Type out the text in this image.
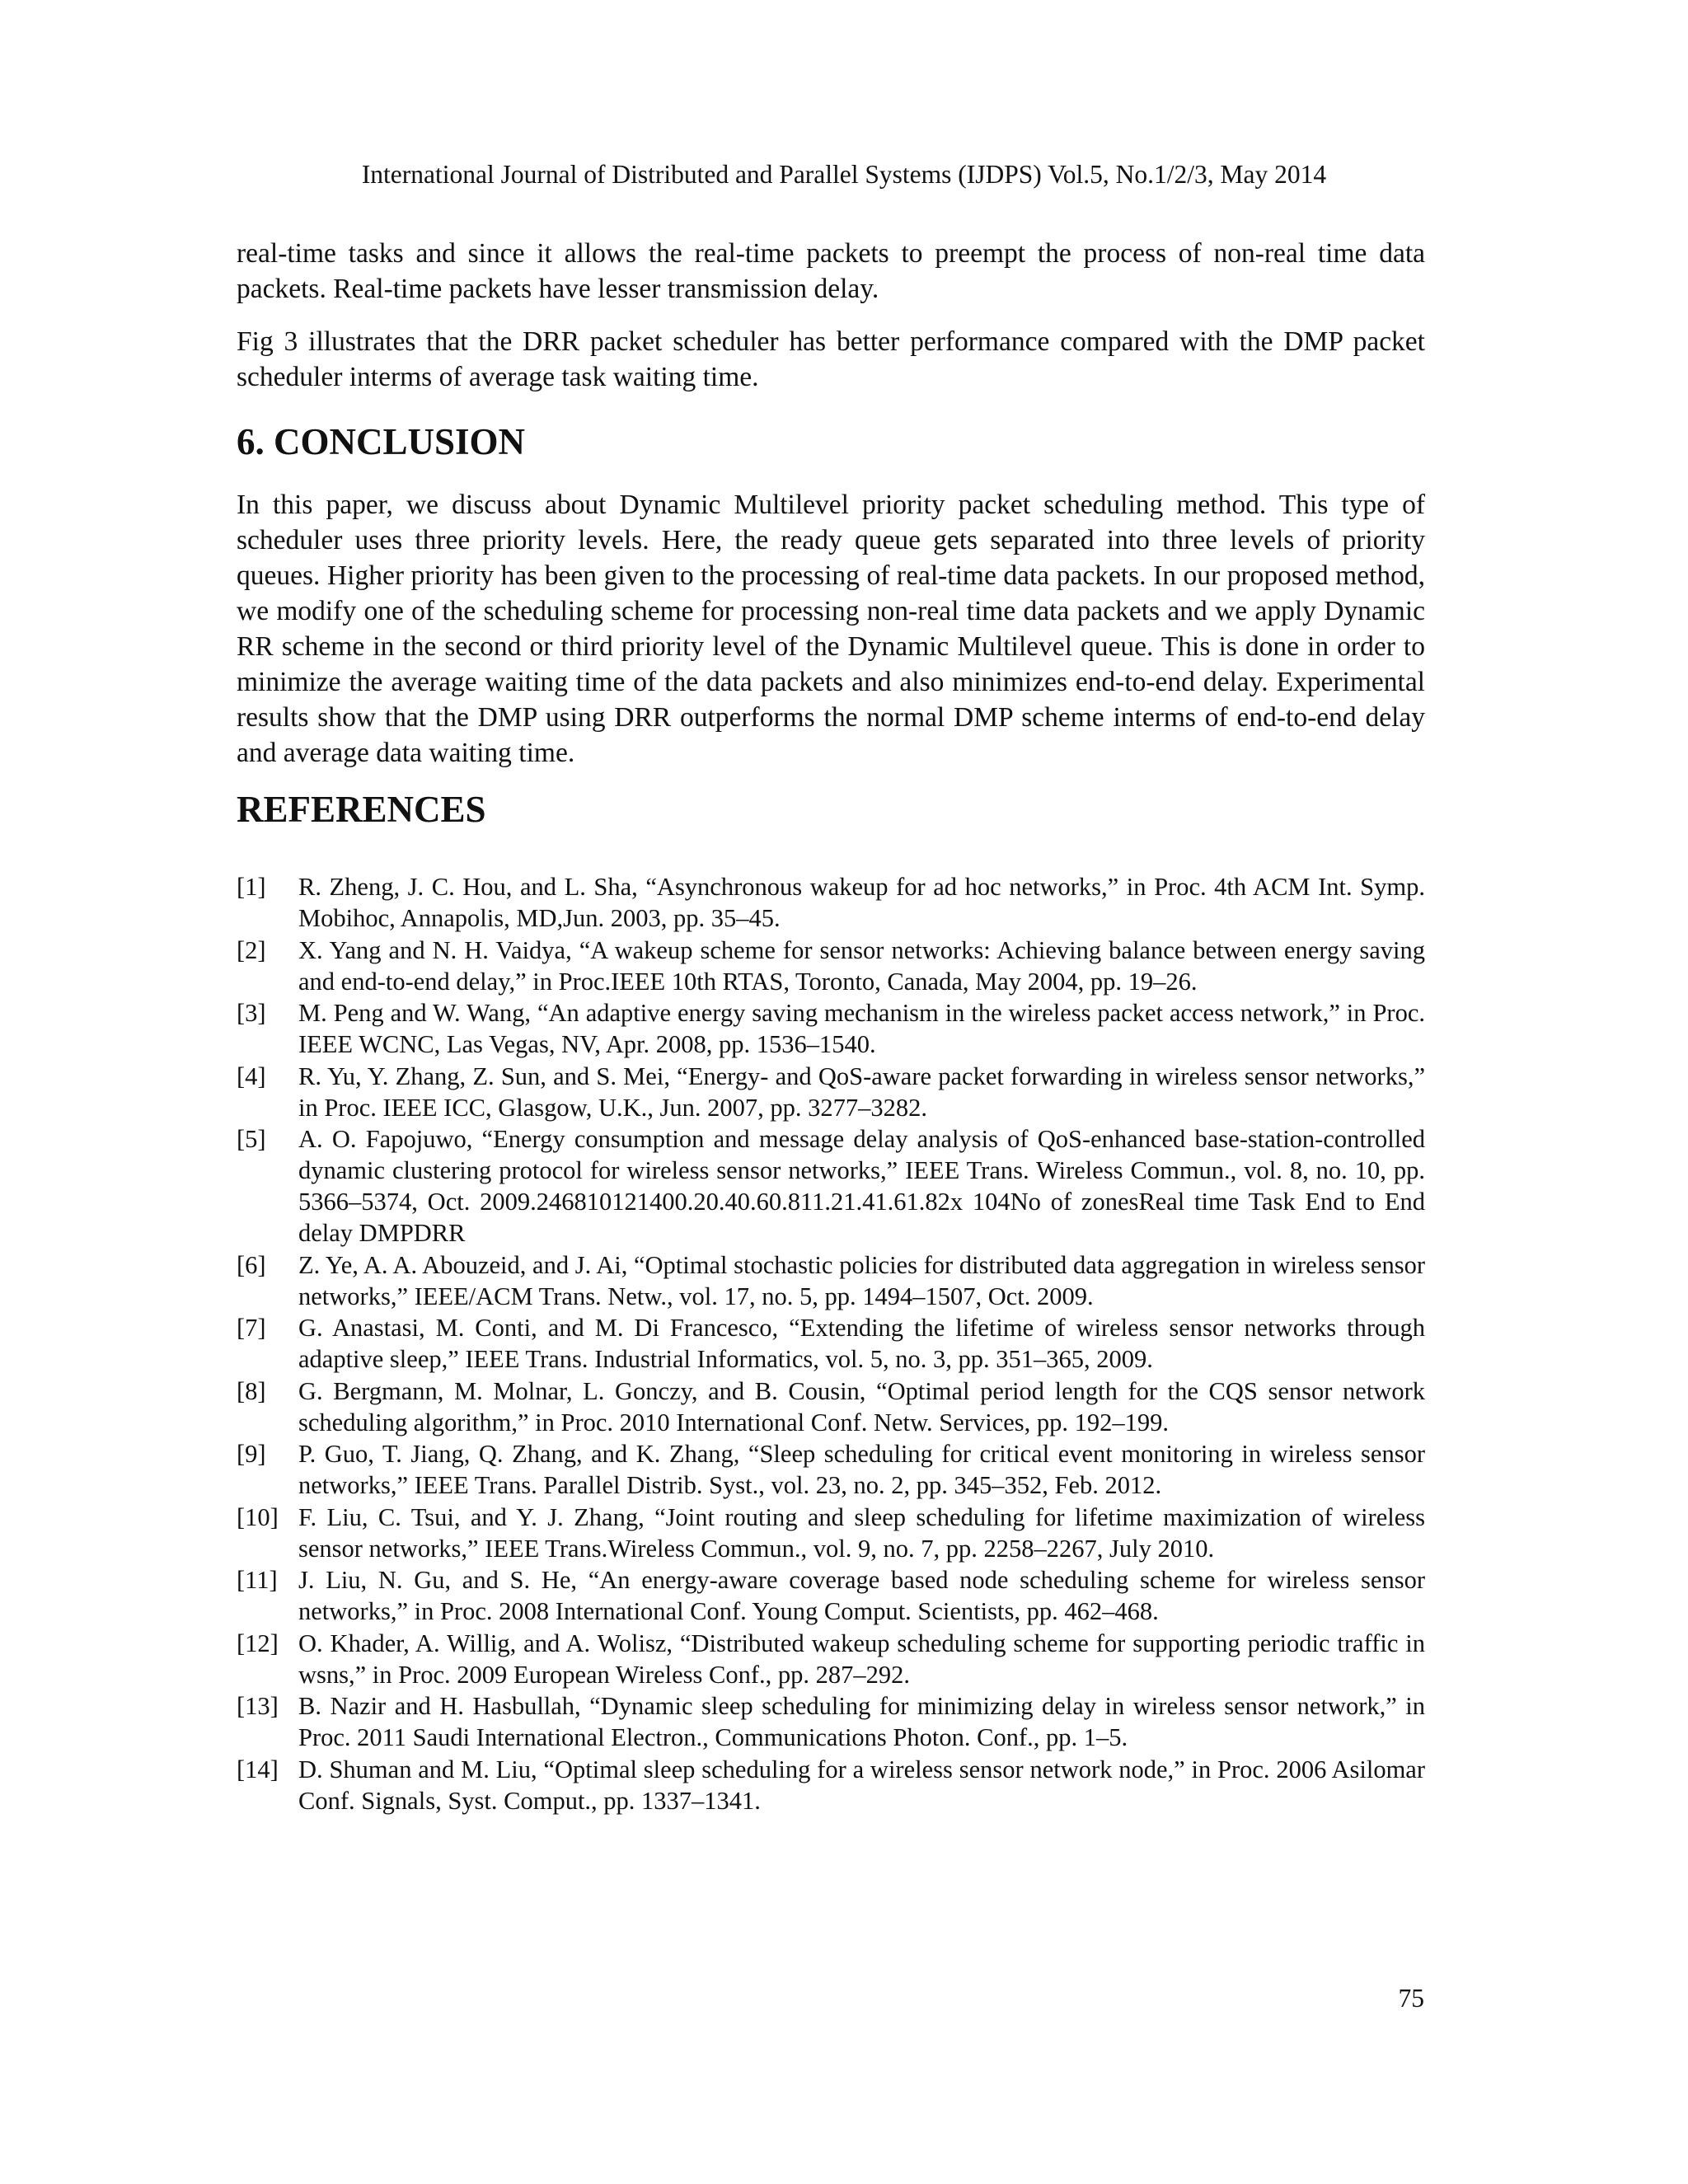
International Journal of Distributed and Parallel Systems (IJDPS) Vol.5, No.1/2/3, May 2014

real-time tasks and since it allows the real-time packets to preempt the process of non-real time data packets. Real-time packets have lesser transmission delay.

Fig 3 illustrates that the DRR packet scheduler has better performance compared with the DMP packet scheduler interms of average task waiting time.

6. CONCLUSION

In this paper, we discuss about Dynamic Multilevel priority packet scheduling method. This type of scheduler uses three priority levels. Here, the ready queue gets separated into three levels of priority queues. Higher priority has been given to the processing of real-time data packets. In our proposed method, we modify one of the scheduling scheme for processing non-real time data packets and we apply Dynamic RR scheme in the second or third priority level of the Dynamic Multilevel queue. This is done in order to minimize the average waiting time of the data packets and also minimizes end-to-end delay. Experimental results show that the DMP using DRR outperforms the normal DMP scheme interms of end-to-end delay and average data waiting time.

REFERENCES
[1] R. Zheng, J. C. Hou, and L. Sha, “Asynchronous wakeup for ad hoc networks,” in Proc. 4th ACM Int. Symp. Mobihoc, Annapolis, MD,Jun. 2003, pp. 35–45.
[2] X. Yang and N. H. Vaidya, “A wakeup scheme for sensor networks: Achieving balance between energy saving and end-to-end delay,” in Proc.IEEE 10th RTAS, Toronto, Canada, May 2004, pp. 19–26.
[3] M. Peng and W. Wang, “An adaptive energy saving mechanism in the wireless packet access network,” in Proc. IEEE WCNC, Las Vegas, NV, Apr. 2008, pp. 1536–1540.
[4] R. Yu, Y. Zhang, Z. Sun, and S. Mei, “Energy- and QoS-aware packet forwarding in wireless sensor networks,” in Proc. IEEE ICC, Glasgow, U.K., Jun. 2007, pp. 3277–3282.
[5] A. O. Fapojuwo, “Energy consumption and message delay analysis of QoS-enhanced base-station-controlled dynamic clustering protocol for wireless sensor networks,” IEEE Trans. Wireless Commun., vol. 8, no. 10, pp. 5366–5374, Oct. 2009.246810121400.20.40.60.811.21.41.61.82x 104No of zonesReal time Task End to End delay DMPDRR
[6] Z. Ye, A. A. Abouzeid, and J. Ai, “Optimal stochastic policies for distributed data aggregation in wireless sensor networks,” IEEE/ACM Trans. Netw., vol. 17, no. 5, pp. 1494–1507, Oct. 2009.
[7] G. Anastasi, M. Conti, and M. Di Francesco, “Extending the lifetime of wireless sensor networks through adaptive sleep,” IEEE Trans. Industrial Informatics, vol. 5, no. 3, pp. 351–365, 2009.
[8] G. Bergmann, M. Molnar, L. Gonczy, and B. Cousin, “Optimal period length for the CQS sensor network scheduling algorithm,” in Proc. 2010 International Conf. Netw. Services, pp. 192–199.
[9] P. Guo, T. Jiang, Q. Zhang, and K. Zhang, “Sleep scheduling for critical event monitoring in wireless sensor networks,” IEEE Trans. Parallel Distrib. Syst., vol. 23, no. 2, pp. 345–352, Feb. 2012.
[10] F. Liu, C. Tsui, and Y. J. Zhang, “Joint routing and sleep scheduling for lifetime maximization of wireless sensor networks,” IEEE Trans.Wireless Commun., vol. 9, no. 7, pp. 2258–2267, July 2010.
[11] J. Liu, N. Gu, and S. He, “An energy-aware coverage based node scheduling scheme for wireless sensor networks,” in Proc. 2008 International Conf. Young Comput. Scientists, pp. 462–468.
[12] O. Khader, A. Willig, and A. Wolisz, “Distributed wakeup scheduling scheme for supporting periodic traffic in wsns,” in Proc. 2009 European Wireless Conf., pp. 287–292.
[13] B. Nazir and H. Hasbullah, “Dynamic sleep scheduling for minimizing delay in wireless sensor network,” in Proc. 2011 Saudi International Electron., Communications Photon. Conf., pp. 1–5.
[14] D. Shuman and M. Liu, “Optimal sleep scheduling for a wireless sensor network node,” in Proc. 2006 Asilomar Conf. Signals, Syst. Comput., pp. 1337–1341.
75
